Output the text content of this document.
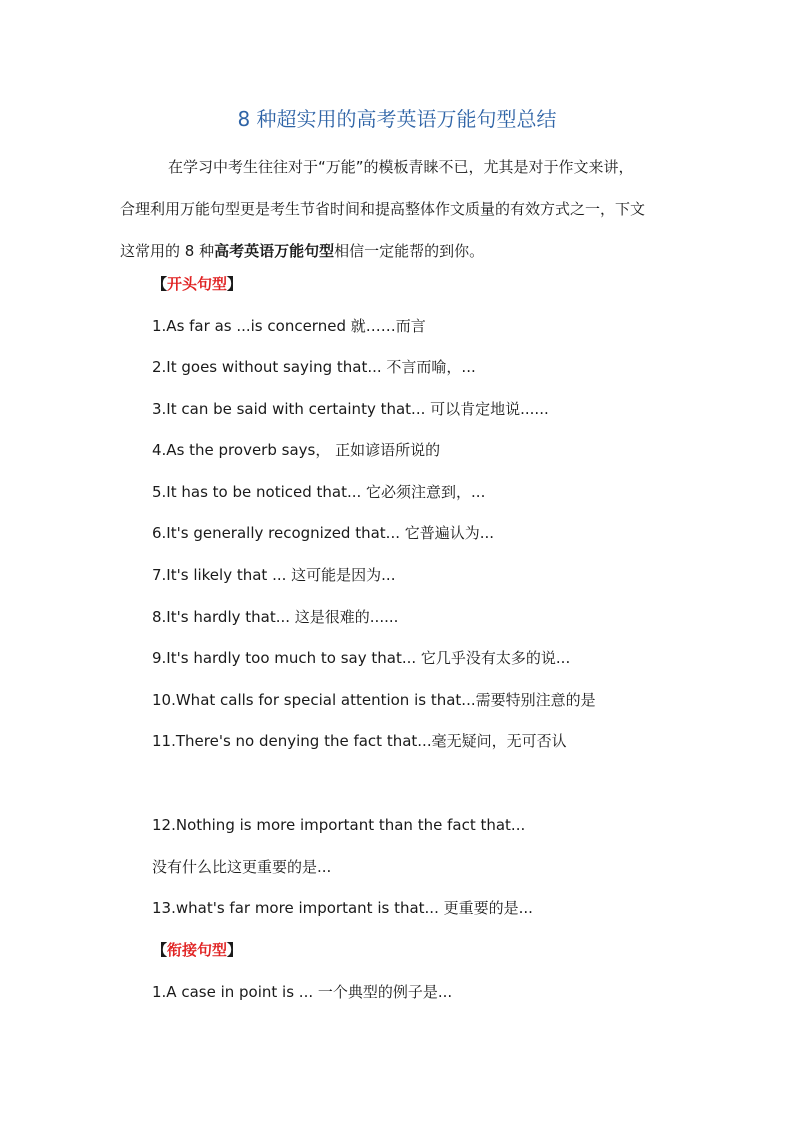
8 种超实用的高考英语万能句型总结

在学习中考生往往对于“万能”的模板青睐不已，尤其是对于作文来讲，

合理利用万能句型更是考生节省时间和提高整体作文质量的有效方式之一，下文

这常用的 8 种高考英语万能句型相信一定能帮的到你。

【开头句型】
1.As far as ...is concerned 就……而言
2.It goes without saying that... 不言而喻，...
3.It can be said with certainty that... 可以肯定地说......
4.As the proverb says， 正如谚语所说的
5.It has to be noticed that... 它必须注意到，...
6.It's generally recognized that... 它普遍认为...
7.It's likely that ... 这可能是因为...
8.It's hardly that... 这是很难的......
9.It's hardly too much to say that... 它几乎没有太多的说...
10.What calls for special attention is that...需要特别注意的是
11.There's no denying the fact that...毫无疑问，无可否认
12.Nothing is more important than the fact that...
没有什么比这更重要的是...
13.what's far more important is that... 更重要的是...
【衔接句型】
1.A case in point is ... 一个典型的例子是...
